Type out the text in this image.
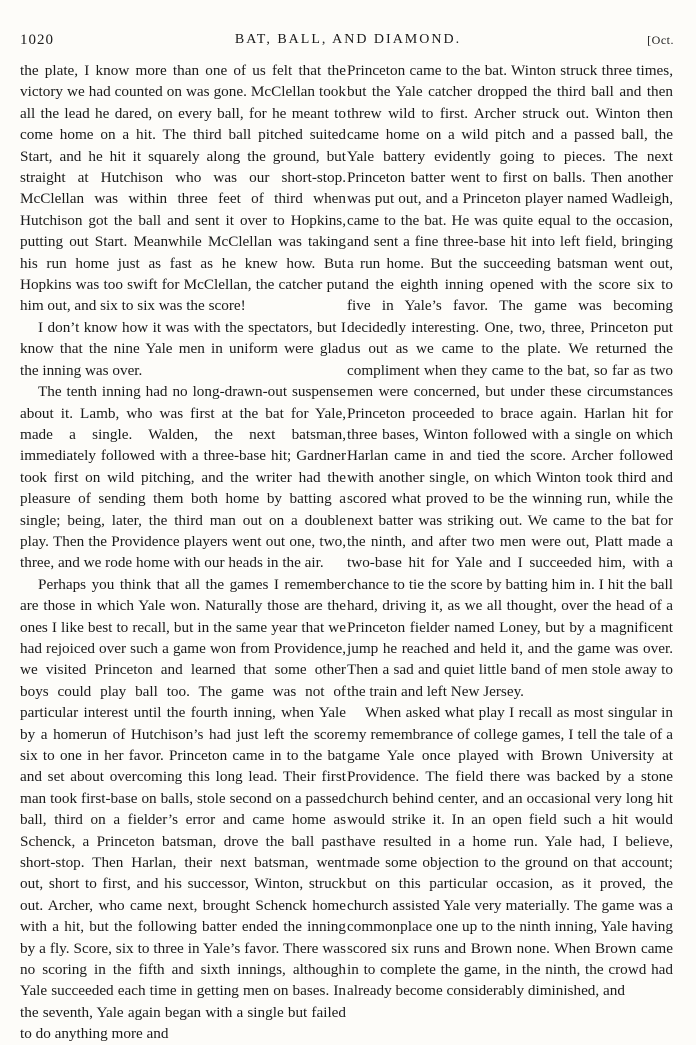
1020	BAT, BALL, AND DIAMOND.	[Oct.

the plate, I know more than one of us felt that the victory we had counted on was gone. McClellan took all the lead he dared, on every ball, for he meant to come home on a hit. The third ball pitched suited Start, and he hit it squarely along the ground, but straight at Hutchison who was our short-stop. McClellan was within three feet of third when Hutchison got the ball and sent it over to Hopkins, putting out Start. Meanwhile McClellan was taking his run home just as fast as he knew how. But Hopkins was too swift for McClellan, the catcher put him out, and six to six was the score!

I don’t know how it was with the spectators, but I know that the nine Yale men in uniform were glad the inning was over.

The tenth inning had no long-drawn-out suspense about it. Lamb, who was first at the bat for Yale, made a single. Walden, the next batsman, immediately followed with a three-base hit; Gardner took first on wild pitching, and the writer had the pleasure of sending them both home by batting a single; being, later, the third man out on a double play. Then the Providence players went out one, two, three, and we rode home with our heads in the air.

Perhaps you think that all the games I remember are those in which Yale won. Naturally those are the ones I like best to recall, but in the same year that we had rejoiced over such a game won from Providence, we visited Princeton and learned that some other boys could play ball too. The game was not of particular interest until the fourth inning, when Yale by a homerun of Hutchison’s had just left the score six to one in her favor. Princeton came in to the bat and set about overcoming this long lead. Their first man took first-base on balls, stole second on a passed ball, third on a fielder’s error and came home as Schenck, a Princeton batsman, drove the ball past short-stop. Then Harlan, their next batsman, went out, short to first, and his successor, Winton, struck out. Archer, who came next, brought Schenck home with a hit, but the following batter ended the inning by a fly. Score, six to three in Yale’s favor. There was no scoring in the fifth and sixth innings, although Yale succeeded each time in getting men on bases. In the seventh, Yale again began with a single but failed to do anything more and

Princeton came to the bat. Winton struck three times, but the Yale catcher dropped the third ball and then threw wild to first. Archer struck out. Winton then came home on a wild pitch and a passed ball, the Yale battery evidently going to pieces. The next Princeton batter went to first on balls. Then another was put out, and a Princeton player named Wadleigh, came to the bat. He was quite equal to the occasion, and sent a fine three-base hit into left field, bringing a run home. But the succeeding batsman went out, and the eighth inning opened with the score six to five in Yale’s favor. The game was becoming decidedly interesting. One, two, three, Princeton put us out as we came to the plate. We returned the compliment when they came to the bat, so far as two men were concerned, but under these circumstances Princeton proceeded to brace again. Harlan hit for three bases, Winton followed with a single on which Harlan came in and tied the score. Archer followed with another single, on which Winton took third and scored what proved to be the winning run, while the next batter was striking out. We came to the bat for the ninth, and after two men were out, Platt made a two-base hit for Yale and I succeeded him, with a chance to tie the score by batting him in. I hit the ball hard, driving it, as we all thought, over the head of a Princeton fielder named Loney, but by a magnificent jump he reached and held it, and the game was over. Then a sad and quiet little band of men stole away to the train and left New Jersey.

When asked what play I recall as most singular in my remembrance of college games, I tell the tale of a game Yale once played with Brown University at Providence. The field there was backed by a stone church behind center, and an occasional very long hit would strike it. In an open field such a hit would have resulted in a home run. Yale had, I believe, made some objection to the ground on that account; but on this particular occasion, as it proved, the church assisted Yale very materially. The game was a commonplace one up to the ninth inning, Yale having scored six runs and Brown none. When Brown came in to complete the game, in the ninth, the crowd had already become considerably diminished, and
